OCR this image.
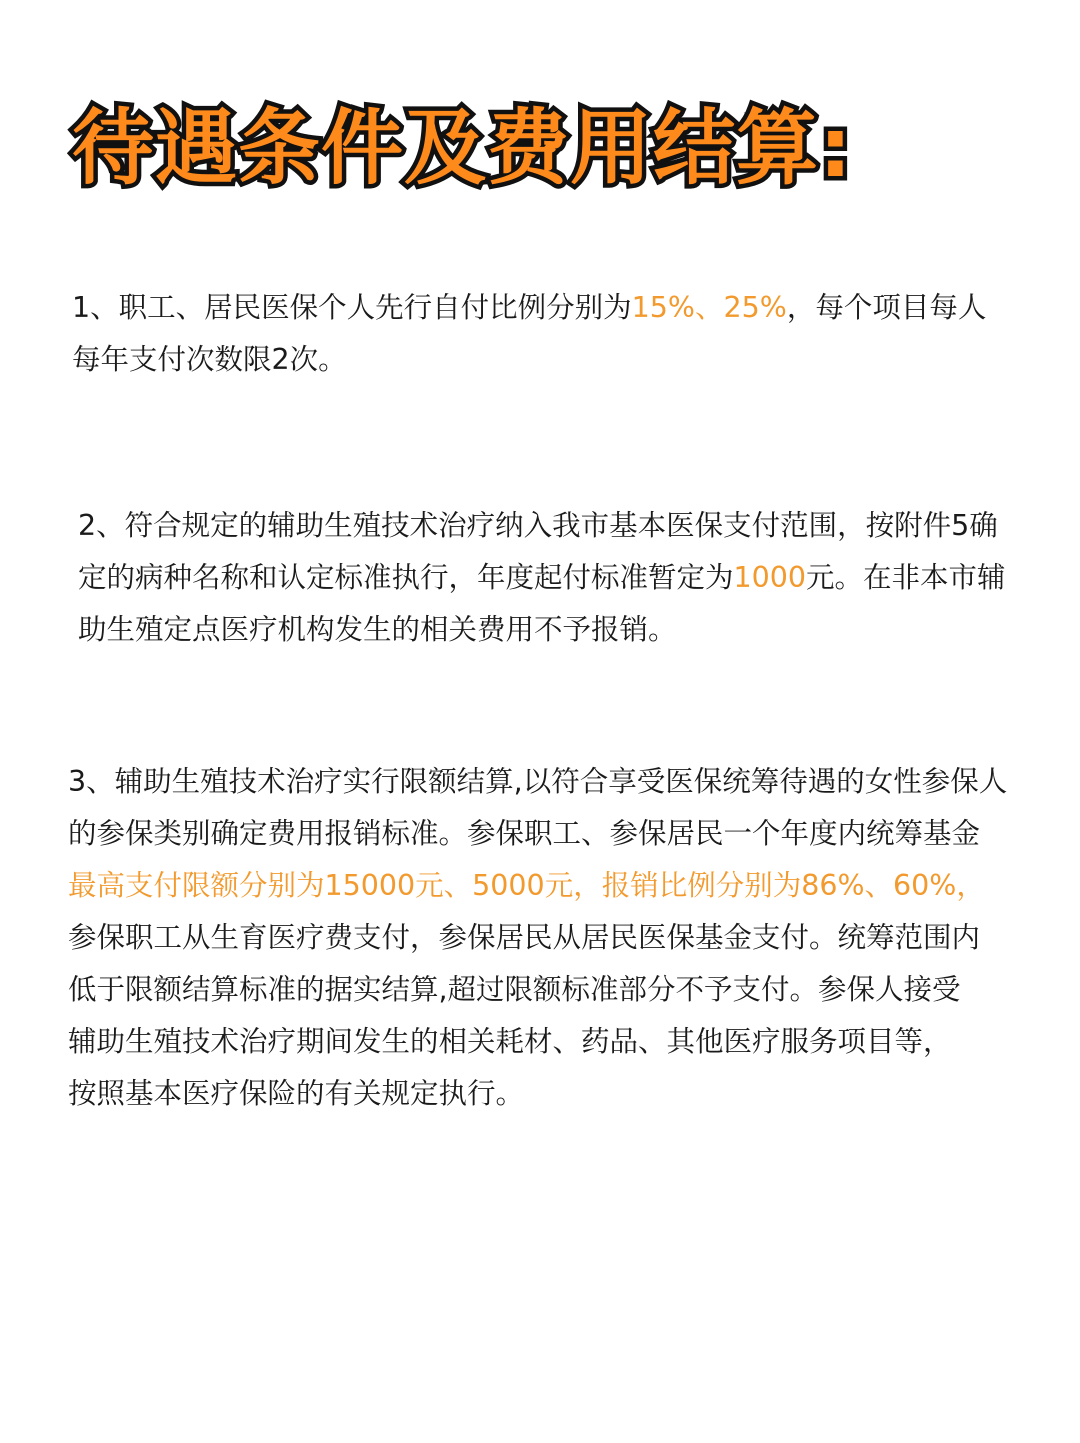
待遇条件及费用结算:

1、职工、居民医保个人先行自付比例分别为15%、25%，每个项目每人
每年支付次数限2次。

2、符合规定的辅助生殖技术治疗纳入我市基本医保支付范围，按附件5确
定的病种名称和认定标准执行，年度起付标准暂定为1000元。在非本市辅
助生殖定点医疗机构发生的相关费用不予报销。

3、辅助生殖技术治疗实行限额结算,以符合享受医保统筹待遇的女性参保人
的参保类别确定费用报销标准。参保职工、参保居民一个年度内统筹基金
最高支付限额分别为15000元、5000元，报销比例分别为86%、60%，
参保职工从生育医疗费支付，参保居民从居民医保基金支付。统筹范围内
低于限额结算标准的据实结算,超过限额标准部分不予支付。参保人接受
辅助生殖技术治疗期间发生的相关耗材、药品、其他医疗服务项目等，
按照基本医疗保险的有关规定执行。
